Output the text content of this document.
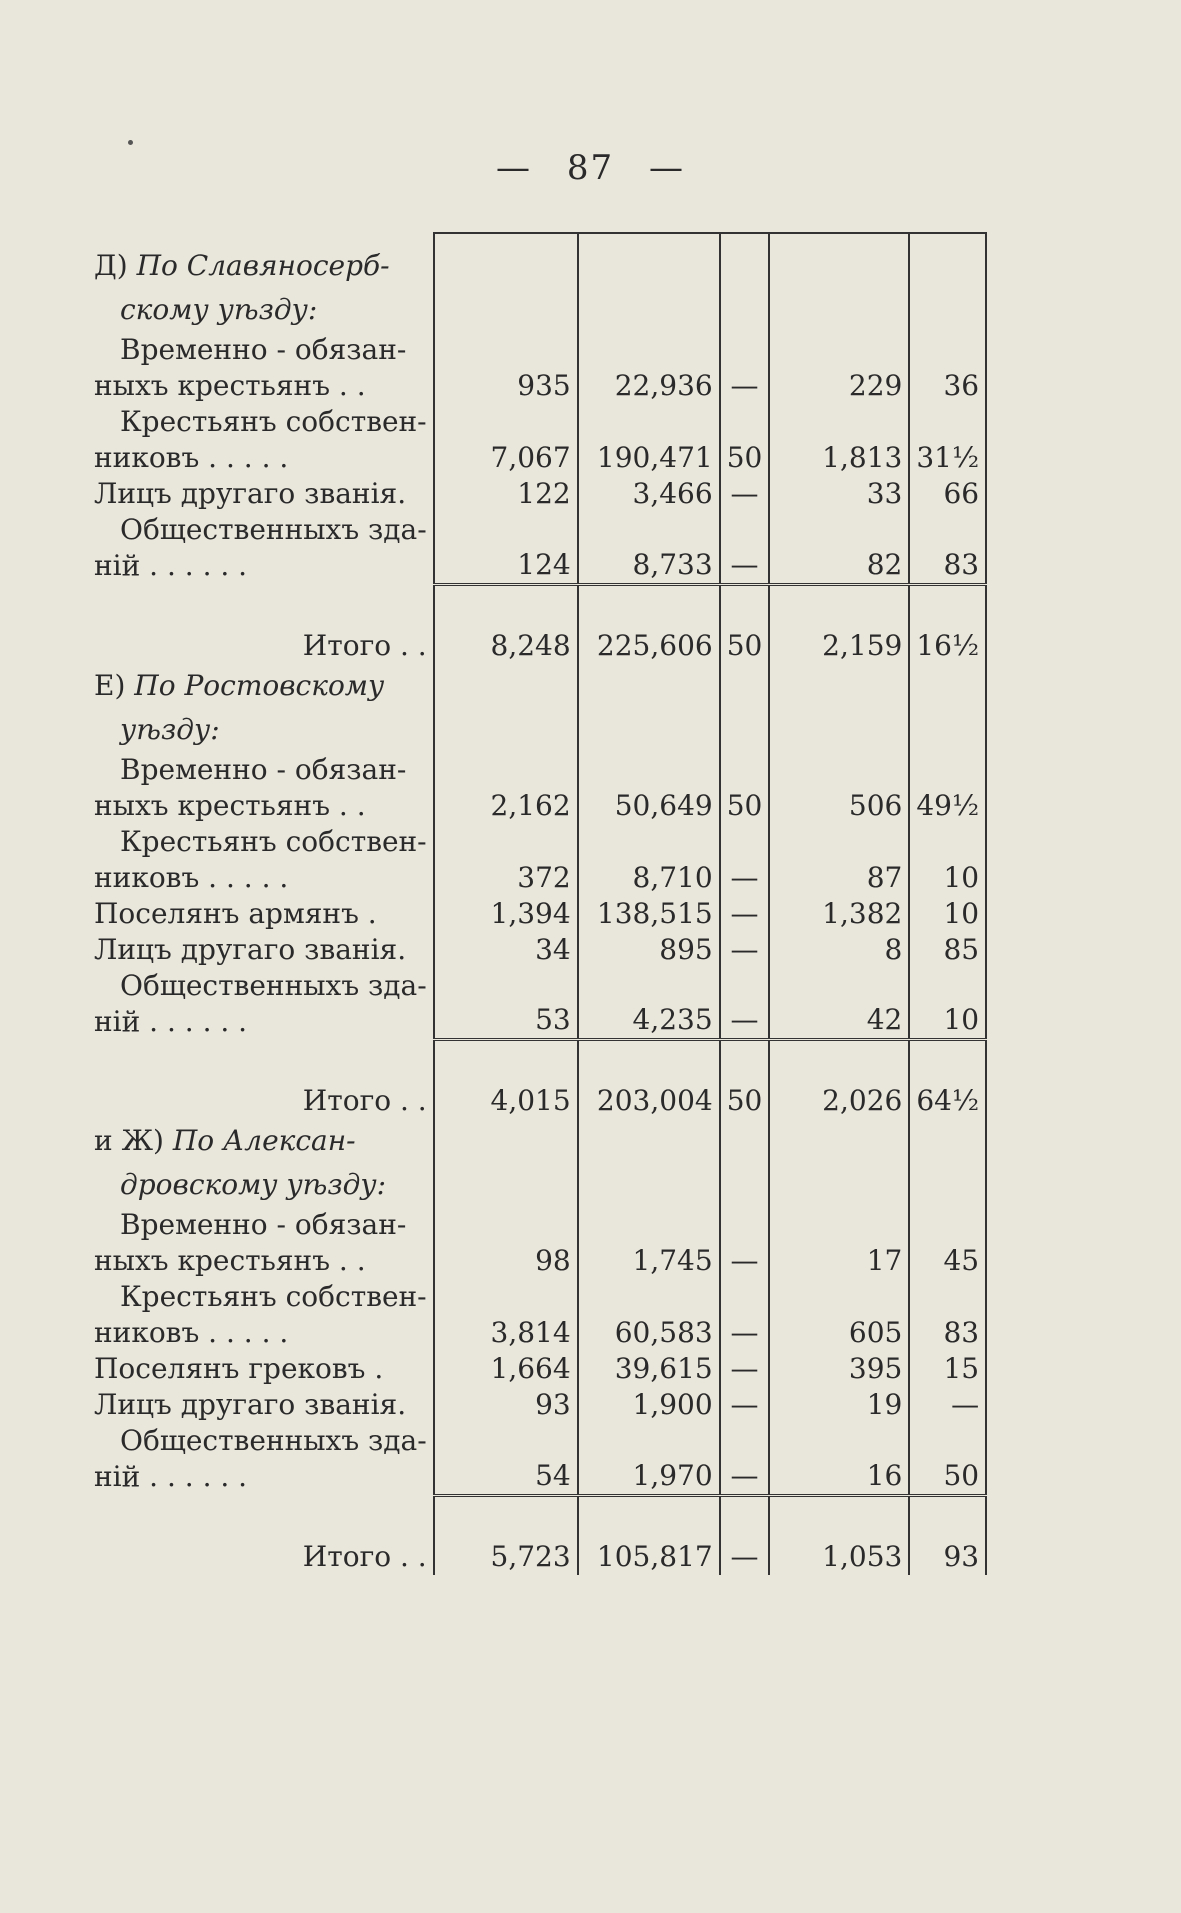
— 87 —

Д) По Славяносерб-
скому уѣзду:					

Временно - обязан-
ныхъ крестьянъ . .	935	22,936	—	229	36

Крестьянъ собствен-
никовъ . . . . .	7,067	190,471	50	1,813	31½

Лицъ другаго званія.	122	3,466	—	33	66

Общественныхъ зда-
ній . . . . . .	124	8,733	—	82	83
Итого . .	8,248	225,606	50	2,159	16½

Е) По Ростовскому
уѣзду:					

Временно - обязан-
ныхъ крестьянъ . .	2,162	50,649	50	506	49½

Крестьянъ собствен-
никовъ . . . . .	372	8,710	—	87	10

Поселянъ армянъ .	1,394	138,515	—	1,382	10

Лицъ другаго званія.	34	895	—	8	85

Общественныхъ зда-
ній . . . . . .	53	4,235	—	42	10
Итого . .	4,015	203,004	50	2,026	64½

и Ж) По Алексан-
дровскому уѣзду:					

Временно - обязан-
ныхъ крестьянъ . .	98	1,745	—	17	45

Крестьянъ собствен-
никовъ . . . . .	3,814	60,583	—	605	83

Поселянъ грековъ .	1,664	39,615	—	395	15

Лицъ другаго званія.	93	1,900	—	19	—

Общественныхъ зда-
ній . . . . . .	54	1,970	—	16	50
Итого . .	5,723	105,817	—	1,053	93
